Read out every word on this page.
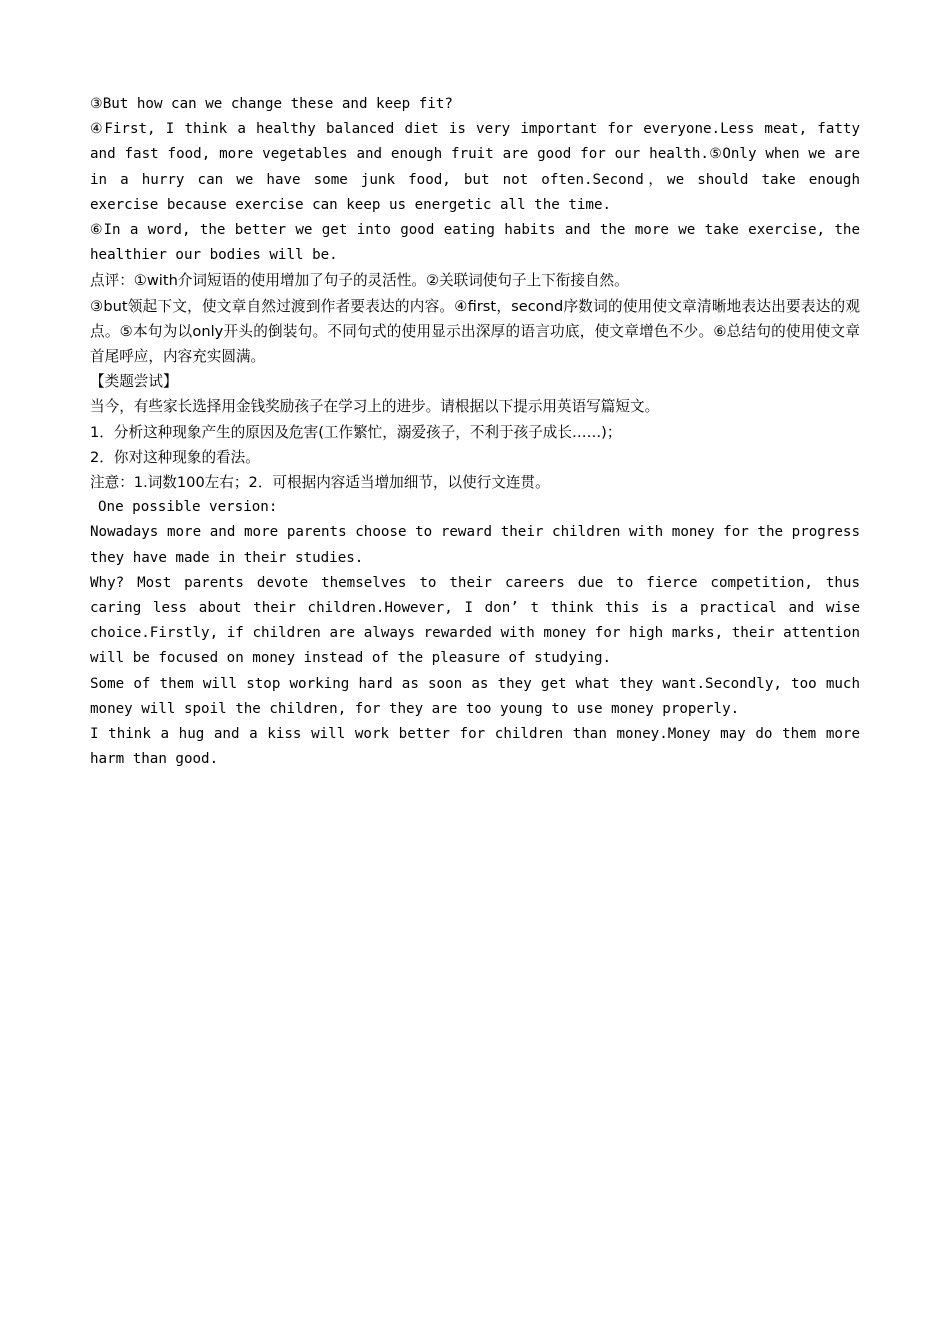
③But how can we change these and keep fit?

④First, I think a healthy balanced diet is very important for everyone.Less meat, fatty and fast food, more vegetables and enough fruit are good for our health.⑤Only when we are in a hurry can we have some junk food, but not often.Second，we should take enough exercise because exercise can keep us energetic all the time.

⑥In a word, the better we get into good eating habits and the more we take exercise, the healthier our bodies will be.

点评：①with介词短语的使用增加了句子的灵活性。②关联词使句子上下衔接自然。

③but领起下文，使文章自然过渡到作者要表达的内容。④first，second序数词的使用使文章清晰地表达出要表达的观点。⑤本句为以only开头的倒装句。不同句式的使用显示出深厚的语言功底，使文章增色不少。⑥总结句的使用使文章首尾呼应，内容充实圆满。

【类题尝试】

当今，有些家长选择用金钱奖励孩子在学习上的进步。请根据以下提示用英语写篇短文。

1．分析这种现象产生的原因及危害(工作繁忙，溺爱孩子，不利于孩子成长……)；

2．你对这种现象的看法。

注意：1.词数100左右；2．可根据内容适当增加细节，以使行文连贯。

One possible version:

Nowadays more and more parents choose to reward their children with money for the progress they have made in their studies.

Why? Most parents devote themselves to their careers due to fierce competition, thus caring less about their children.However, I don’ t think this is a practical and wise choice.Firstly, if children are always rewarded with money for high marks, their attention will be focused on money instead of the pleasure of studying.

Some of them will stop working hard as soon as they get what they want.Secondly, too much money will spoil the children, for they are too young to use money properly.

I think a hug and a kiss will work better for children than money.Money may do them more harm than good.
